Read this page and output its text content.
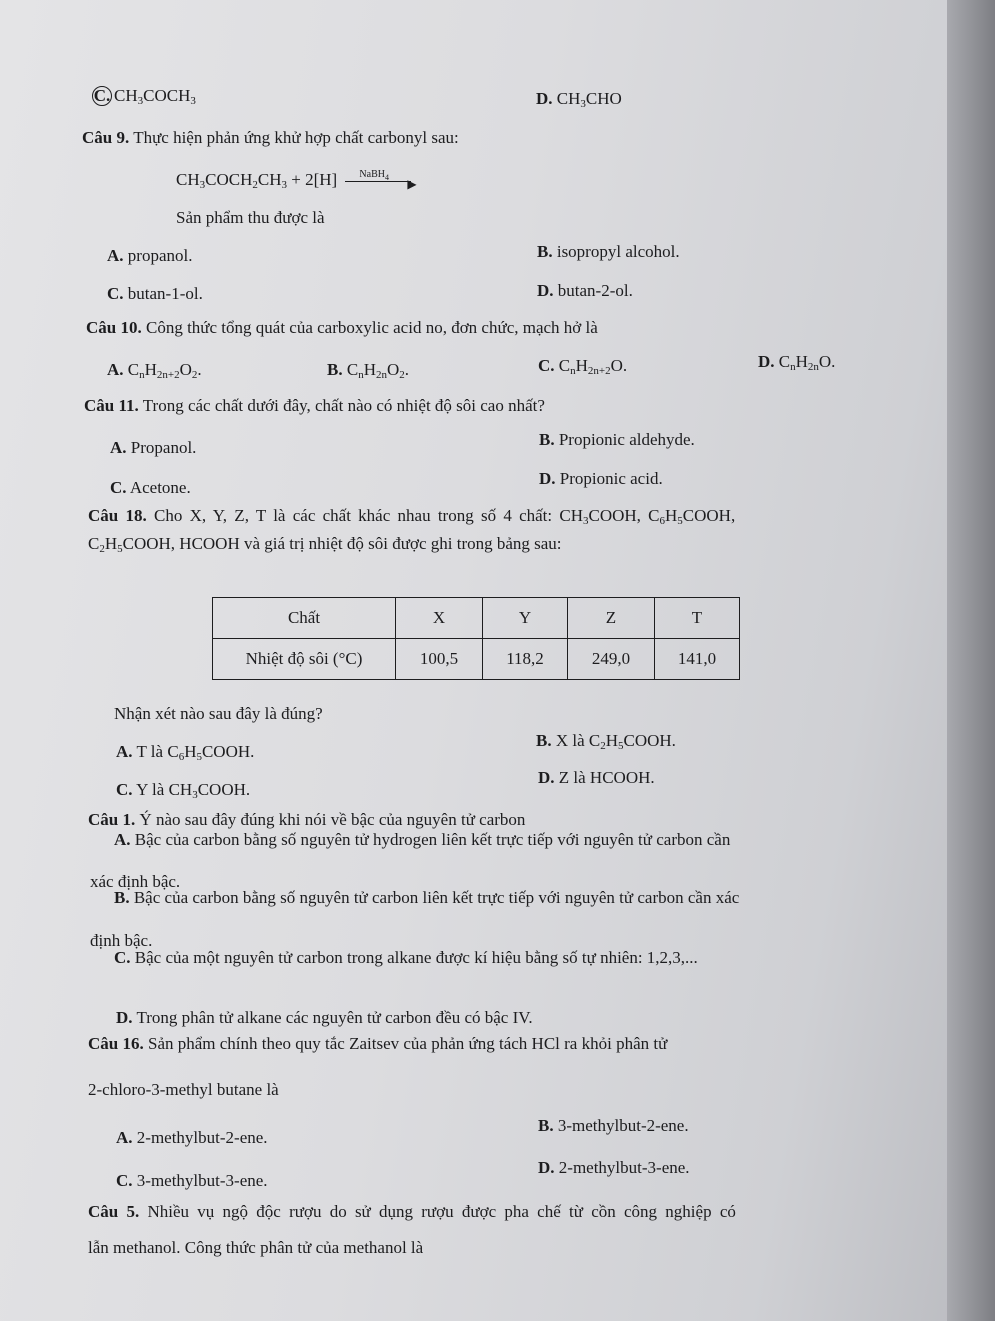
C. $CH_3COCH_3$	D. $CH_3CHO$
Câu 9. Thực hiện phản ứng khử hợp chất carbonyl sau:
$CH_3COCH_2CH_3 + 2[H]$ NaBH$_4$ ▶
Sản phẩm thu được là
A. propanol.	B. isopropyl alcohol.
C. butan-1-ol.	D. butan-2-ol.
Câu 10. Công thức tổng quát của carboxylic acid no, đơn chức, mạch hở là
A. $C_nH_{2n+2}O_2$.	B. $C_nH_{2n}O_2$.	C. $C_nH_{2n+2}O$.	D. $C_nH_{2n}O$.
Câu 11. Trong các chất dưới đây, chất nào có nhiệt độ sôi cao nhất?
A. Propanol.	B. Propionic aldehyde.
C. Acetone.	D. Propionic acid.
Câu 18. Cho X, Y, Z, T là các chất khác nhau trong số 4 chất: $CH_3COOH$, $C_6H_5COOH$,
$C_2H_5COOH$, HCOOH và giá trị nhiệt độ sôi được ghi trong bảng sau:
Chất	X	Y	Z	T
Nhiệt độ sôi (°C)	100,5	118,2	249,0	141,0
Nhận xét nào sau đây là đúng?
A. T là $C_6H_5COOH$.
B. X là $C_2H_5COOH$.
C. Y là $CH_3COOH$.
D. Z là HCOOH.
Câu 1. Ý nào sau đây đúng khi nói về bậc của nguyên tử carbon
A. Bậc của carbon bằng số nguyên tử hydrogen liên kết trực tiếp với nguyên tử carbon cần
xác định bậc.
B. Bậc của carbon bằng số nguyên tử carbon liên kết trực tiếp với nguyên tử carbon cần xác
định bậc.
C. Bậc của một nguyên tử carbon trong alkane được kí hiệu bằng số tự nhiên: 1,2,3,...
D. Trong phân tử alkane các nguyên tử carbon đều có bậc IV.
Câu 16. Sản phẩm chính theo quy tắc Zaitsev của phản ứng tách HCl ra khỏi phân tử
2-chloro-3-methyl butane là
A. 2-methylbut-2-ene.
B. 3-methylbut-2-ene.
C. 3-methylbut-3-ene.
D. 2-methylbut-3-ene.
Câu 5. Nhiều vụ ngộ độc rượu do sử dụng rượu được pha chế từ cồn công nghiệp có
lẫn methanol. Công thức phân tử của methanol là
